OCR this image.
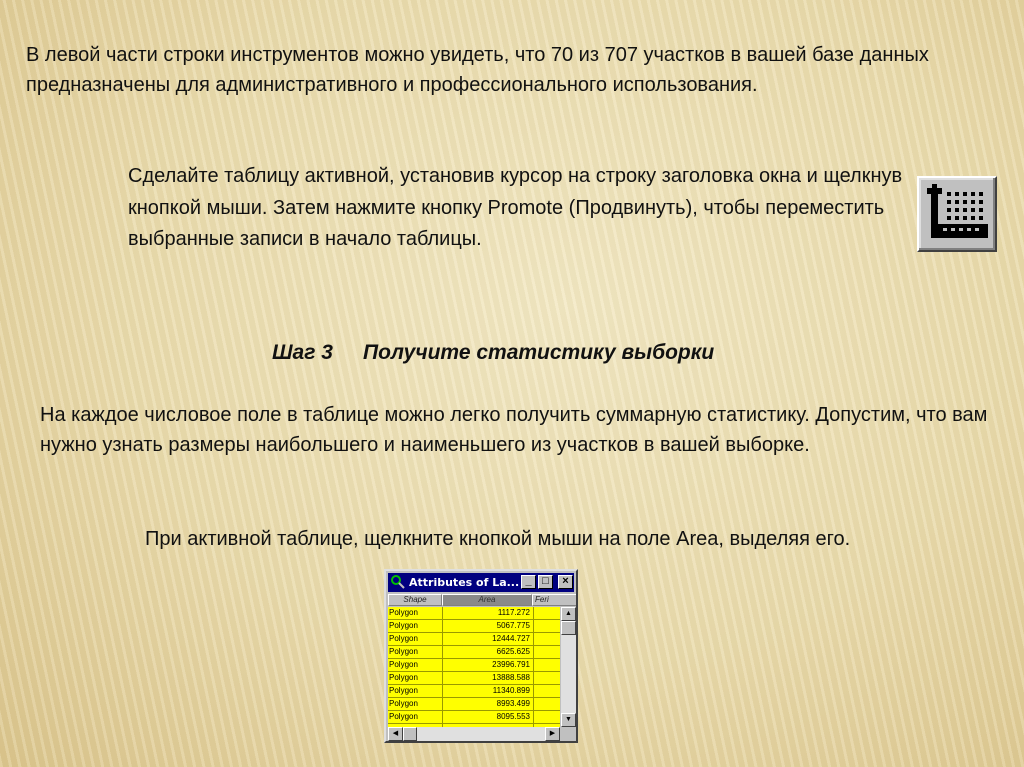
В левой части строки инструментов можно увидеть, что 70 из 707 участков в вашей базе данных предназначены для административного и профессионального использования.

Сделайте таблицу активной, установив курсор на строку заголовка окна и щелкнув кнопкой мыши. Затем нажмите кнопку Promote (Продвинуть), чтобы переместить выбранные записи в начало таблицы.

Шаг 3 Получите статистику выборки

На каждое числовое поле в таблице можно легко получить суммарную статистику. Допустим, что вам нужно узнать размеры наибольшего и наименьшего из участков в вашей выборке.

При активной таблице, щелкните кнопкой мыши на поле Area, выделяя его.

Attributes of La... _ □	×
Shape	Area	Feri
Polygon	1117.272
Polygon	5067.775
Polygon	12444.727
Polygon	6625.625
Polygon	23996.791
Polygon	13888.588
Polygon	11340.899
Polygon	8993.499
Polygon	8095.553
▲
▼
◀	▶
